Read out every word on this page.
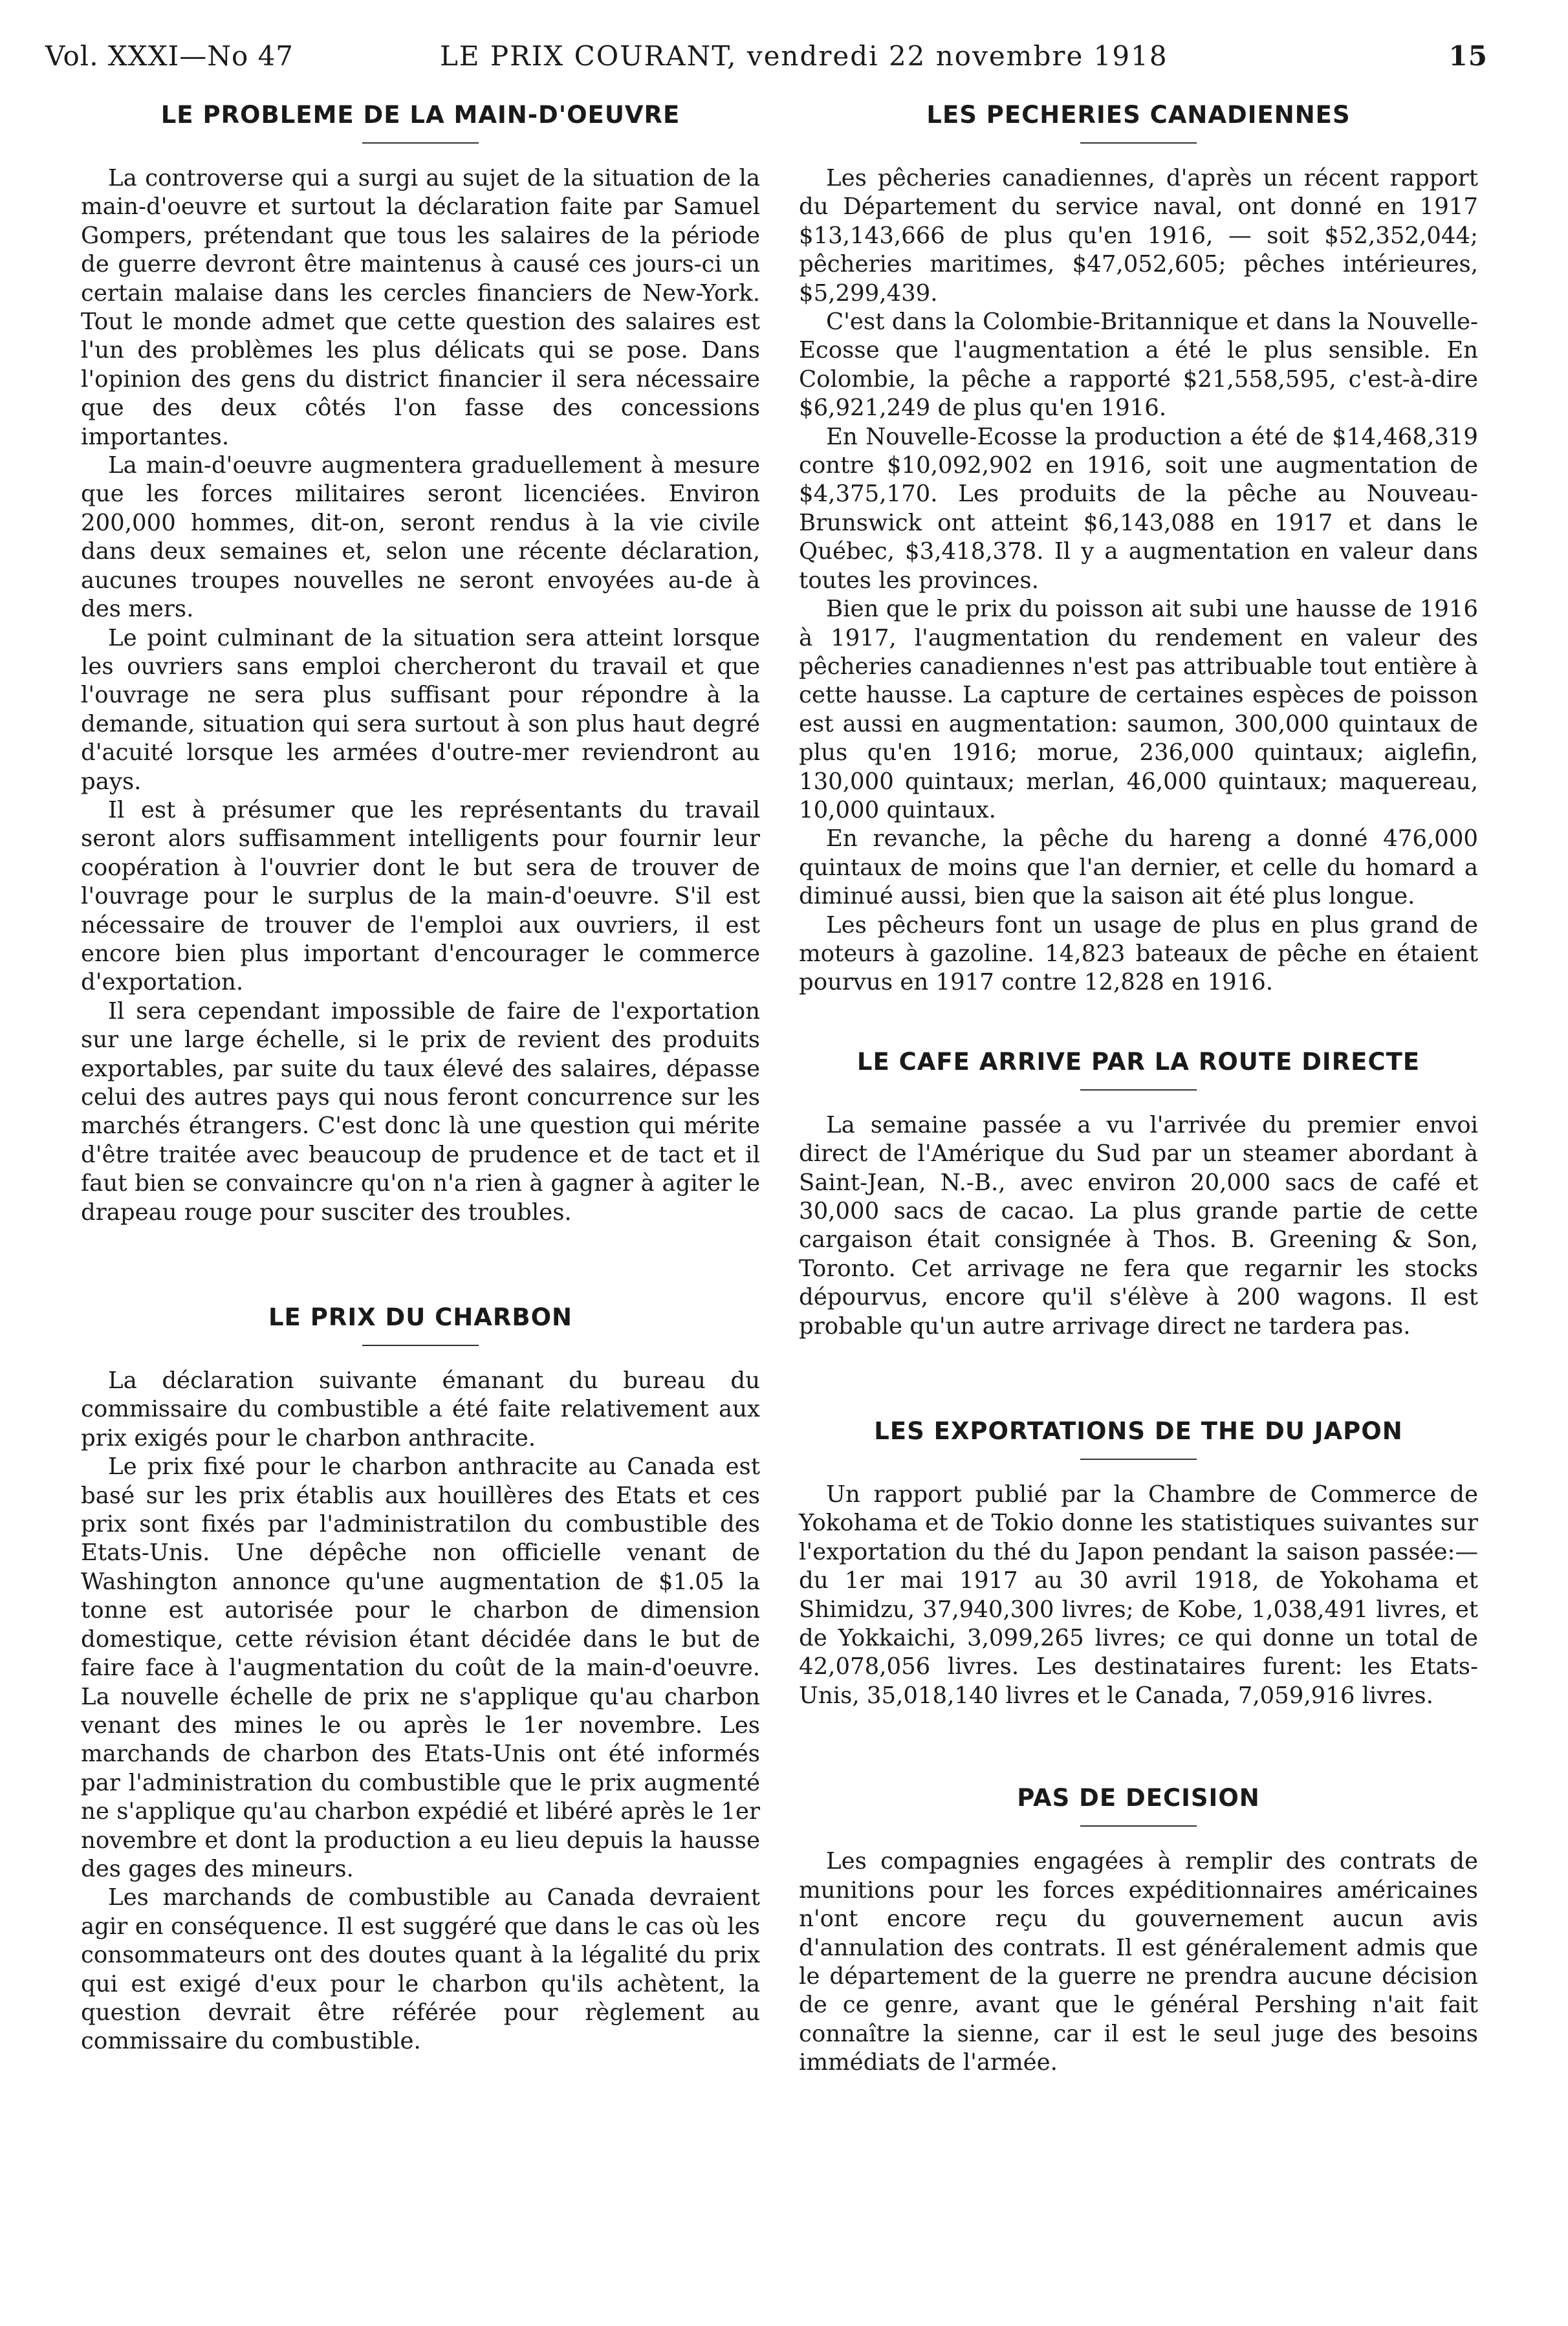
Vol. XXXI—No 47	LE PRIX COURANT, vendredi 22 novembre 1918	15
LE PROBLEME DE LA MAIN-D'OEUVRE

La controverse qui a surgi au sujet de la situation de la main-d'oeuvre et surtout la déclaration faite par Samuel Gompers, prétendant que tous les salaires de la période de guerre devront être maintenus à causé ces jours-ci un certain malaise dans les cercles financiers de New-York. Tout le monde admet que cette question des salaires est l'un des problèmes les plus délicats qui se pose. Dans l'opinion des gens du district financier il sera nécessaire que des deux côtés l'on fasse des concessions importantes.

La main-d'oeuvre augmentera graduellement à mesure que les forces militaires seront licenciées. Environ 200,000 hommes, dit-on, seront rendus à la vie civile dans deux semaines et, selon une récente déclaration, aucunes troupes nouvelles ne seront envoyées au-de à des mers.

Le point culminant de la situation sera atteint lorsque les ouvriers sans emploi chercheront du travail et que l'ouvrage ne sera plus suffisant pour répondre à la demande, situation qui sera surtout à son plus haut degré d'acuité lorsque les armées d'outre-mer reviendront au pays.

Il est à présumer que les représentants du travail seront alors suffisamment intelligents pour fournir leur coopération à l'ouvrier dont le but sera de trouver de l'ouvrage pour le surplus de la main-d'oeuvre. S'il est nécessaire de trouver de l'emploi aux ouvriers, il est encore bien plus important d'encourager le commerce d'exportation.

Il sera cependant impossible de faire de l'exportation sur une large échelle, si le prix de revient des produits exportables, par suite du taux élevé des salaires, dépasse celui des autres pays qui nous feront concurrence sur les marchés étrangers. C'est donc là une question qui mérite d'être traitée avec beaucoup de prudence et de tact et il faut bien se convaincre qu'on n'a rien à gagner à agiter le drapeau rouge pour susciter des troubles.

LE PRIX DU CHARBON

La déclaration suivante émanant du bureau du commissaire du combustible a été faite relativement aux prix exigés pour le charbon anthracite.

Le prix fixé pour le charbon anthracite au Canada est basé sur les prix établis aux houillères des Etats et ces prix sont fixés par l'administratilon du combustible des Etats-Unis. Une dépêche non officielle venant de Washington annonce qu'une augmentation de $1.05 la tonne est autorisée pour le charbon de dimension domestique, cette révision étant décidée dans le but de faire face à l'augmentation du coût de la main-d'oeuvre. La nouvelle échelle de prix ne s'applique qu'au charbon venant des mines le ou après le 1er novembre. Les marchands de charbon des Etats-Unis ont été informés par l'administration du combustible que le prix augmenté ne s'applique qu'au charbon expédié et libéré après le 1er novembre et dont la production a eu lieu depuis la hausse des gages des mineurs.

Les marchands de combustible au Canada devraient agir en conséquence. Il est suggéré que dans le cas où les consommateurs ont des doutes quant à la légalité du prix qui est exigé d'eux pour le charbon qu'ils achètent, la question devrait être référée pour règlement au commissaire du combustible.

LES PECHERIES CANADIENNES

Les pêcheries canadiennes, d'après un récent rapport du Département du service naval, ont donné en 1917 $13,143,666 de plus qu'en 1916, — soit $52,352,044; pêcheries maritimes, $47,052,605; pêches intérieures, $5,299,439.

C'est dans la Colombie-Britannique et dans la Nouvelle-Ecosse que l'augmentation a été le plus sensible. En Colombie, la pêche a rapporté $21,558,595, c'est-à-dire $6,921,249 de plus qu'en 1916.

En Nouvelle-Ecosse la production a été de $14,468,319 contre $10,092,902 en 1916, soit une augmentation de $4,375,170. Les produits de la pêche au Nouveau-Brunswick ont atteint $6,143,088 en 1917 et dans le Québec, $3,418,378. Il y a augmentation en valeur dans toutes les provinces.

Bien que le prix du poisson ait subi une hausse de 1916 à 1917, l'augmentation du rendement en valeur des pêcheries canadiennes n'est pas attribuable tout entière à cette hausse. La capture de certaines espèces de poisson est aussi en augmentation: saumon, 300,000 quintaux de plus qu'en 1916; morue, 236,000 quintaux; aiglefin, 130,000 quintaux; merlan, 46,000 quintaux; maquereau, 10,000 quintaux.

En revanche, la pêche du hareng a donné 476,000 quintaux de moins que l'an dernier, et celle du homard a diminué aussi, bien que la saison ait été plus longue.

Les pêcheurs font un usage de plus en plus grand de moteurs à gazoline. 14,823 bateaux de pêche en étaient pourvus en 1917 contre 12,828 en 1916.

LE CAFE ARRIVE PAR LA ROUTE DIRECTE

La semaine passée a vu l'arrivée du premier envoi direct de l'Amérique du Sud par un steamer abordant à Saint-Jean, N.-B., avec environ 20,000 sacs de café et 30,000 sacs de cacao. La plus grande partie de cette cargaison était consignée à Thos. B. Greening & Son, Toronto. Cet arrivage ne fera que regarnir les stocks dépourvus, encore qu'il s'élève à 200 wagons. Il est probable qu'un autre arrivage direct ne tardera pas.

LES EXPORTATIONS DE THE DU JAPON

Un rapport publié par la Chambre de Commerce de Yokohama et de Tokio donne les statistiques suivantes sur l'exportation du thé du Japon pendant la saison passée:—du 1er mai 1917 au 30 avril 1918, de Yokohama et Shimidzu, 37,940,300 livres; de Kobe, 1,038,491 livres, et de Yokkaichi, 3,099,265 livres; ce qui donne un total de 42,078,056 livres. Les destinataires furent: les Etats-Unis, 35,018,140 livres et le Canada, 7,059,916 livres.

PAS DE DECISION

Les compagnies engagées à remplir des contrats de munitions pour les forces expéditionnaires américaines n'ont encore reçu du gouvernement aucun avis d'annulation des contrats. Il est généralement admis que le département de la guerre ne prendra aucune décision de ce genre, avant que le général Pershing n'ait fait connaître la sienne, car il est le seul juge des besoins immédiats de l'armée.
